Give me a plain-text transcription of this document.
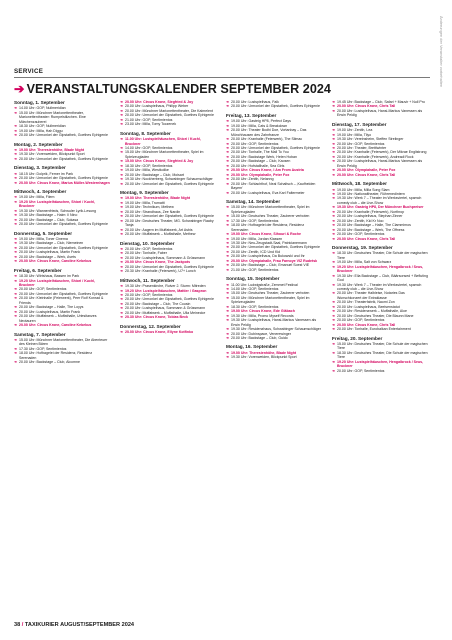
SERVICE
➔ VERANSTALTUNGSKALENDER SEPTEMBER 2024
Sonntag, 1. September
➔ 14.00 Uhr: GOP, Nullmeridian
➔ 15.00 Uhr: Münchner Marionettentheater, Marionettentheater: Rumpelstilzchen. Eine Märchenzauberei
➔ 18.30 Uhr: GOP, Nullmeridian
➔ 19.00 Uhr: Milla, Hah Diggu
➔ 20.00 Uhr: Urmonkel der Gipstathek, Goethes Ephigenie
Montag, 2. September
➔ 19.00 Uhr: Theresienhöhe, Blade Night
➔ 19.30 Uhr: Vorenweiden, Blickpunkt Sport
➔ 20.00 Uhr: Urmonkel der Gipstathek, Goethes Ephigenie
Dienstag, 3. September
➔ 18.15 Uhr: Dolprik, Ferner im Park
➔ 20.00 Uhr: Urmonkel der Gipstathek, Goethes Ephigenie
➔ 20.00 Uhr: Circus Krone, Marius Müller-Westernhagen
Mittwoch, 4. September
➔ 19.00 Uhr: Milla, Fiiem
➔ 19.20 Uhr: Lustspielhäuschen, Shiori / Kuchl, Bruckner
➔ 19.30 Uhr: Wannenfrieds, Schwuler Lyrik-Lesung
➔ 19.30 Uhr: Backstage – Halm: Il Nino
➔ 20.00 Uhr: Backstage – Club, Sokasa
➔ 20.00 Uhr: Urmonkel der Gipstathek, Goethes Ephigenie
Donnerstag, 5. September
➔ 19.00 Uhr: Milla, Toner Cinema
➔ 19.30 Uhr: Backstage – Club, Niemeinen
➔ 20.00 Uhr: Urmonkel der Gipstathek, Goethes Ephigenie
➔ 20.00 Uhr: Lustspielhaus, Martin Frank
➔ 20.00 Uhr: Backstage – Werk, Avets
➔ 20.00 Uhr: Circus Krone, Caroline Kebekus
Freitag, 6. September
➔ 18.30 Uhr: Wirtshaus, Bassen im Park
➔ 19.20 Uhr: Lustspielhäuschen, Shiori / Kuchl, Bruckner
➔ 20.00 Uhr: GOP, Sentimientos
➔ 20.00 Uhr: Urmonkel der Gipstathek, Goethes Ephigenie
➔ 20.00 Uhr: Kleinhalle (Feierwerk), Peer Rolf Konrad & Friends
➔ 20.00 Uhr: Backstage – Halle, The Loyys
➔ 20.00 Uhr: Lustspielhaus, Martin Frank
➔ 20.00 Uhr: Muffatwerk – Muffathalle, Urlesitanzes Neotauren
➔ 20.00 Uhr: Circus Krone, Caroline Kebekus
Samstag, 7. September
➔ 15.00 Uhr: Münchner Marionettentheater, Die Abenteuer des Kleinen Bären
➔ 17.30 Uhr: GOP, Sentimientos
➔ 18.00 Uhr: Hofbagelei der Residenz, Residenz Serenaden
➔ 20.00 Uhr: Backstage – Club, Alcomne
➔ 20.00 Uhr: Circus Krone, Siegfried & Joy
➔ 20.00 Uhr: Lustspielhaus, Philipp Weber
➔ 20.00 Uhr: Münchner Marionettentheater, Die Kalmelent
➔ 20.00 Uhr: Urmonkel der Gipstathek, Goethes Ephigenie
➔ 21.00 Uhr: GOP, Sentimientos
➔ 23.00 Uhr: Milla, Tomy Toczenek
Sonntag, 8. September
➔ 11.00 Uhr: Lustspielhäuschen, Shiori / Kuchl, Bruckner
➔ 14.00 Uhr: GOP, Sentimientos
➔ 15.00 Uhr: Münchner Marionettentheater, Spiel im Spielzeugladen
➔ 15.00 Uhr: Circus Krone, Siegfried & Joy
➔ 18.30 Uhr: GOP, Sentimientos
➔ 19.00 Uhr: Milla, Westkolike
➔ 20.00 Uhr: Backstage – Club, Moisart
➔ 19.30 Uhr: Nockherberg, Schwabinger Schaumschläger
➔ 20.00 Uhr: Urmonkel der Gipstathek, Goethes Ephigenie
Montag, 9. September
➔ 19.00 Uhr: Theresienhöhe, Blade Night
➔ 19.00 Uhr: Milla, Trumatti
➔ 19.00 Uhr: Technikum, Methew
➔ 20.00 Uhr: Strandhaus, Zee Nardin
➔ 20.00 Uhr: Urmonkel der Gipstathek, Goethes Ephigenie
➔ 20.00 Uhr: Deutsches Theater, MG. Schwabinger Raaby Tanja
➔ 20.00 Uhr: Aagern im Muffatwerk, Art Asbis
➔ 20.00 Uhr: Muffatwerk – Muffathalle, Methew
Dienstag, 10. September
➔ 20.00 Uhr: GOP, Sentimientos
➔ 20.00 Uhr: Tonhalle, Faber
➔ 20.00 Uhr: Lustspielhaus, Sommann & Grüssmann
➔ 20.00 Uhr: Circus Krone, The Jackpots
➔ 20.00 Uhr: Urmonkel der Gipstathek, Goethes Ephigenie
➔ 20.30 Uhr: Kranhalle (Feierwerk), U7+ Lunch
Mittwoch, 11. September
➔ 19.30 Uhr: Prasenkirche, Ruiver 2. Sturm: Mitreden
➔ 19.20 Uhr: Lustspielhäuschen, Mattier / Gaspron
➔ 20.00 Uhr: GOP, Sentimientos
➔ 20.00 Uhr: Urmonkel der Gipstathek, Goethes Ephigenie
➔ 20.00 Uhr: Backstage – Club, The Cousin
➔ 20.00 Uhr: Lustspielhaus, Sommann & Grüssmann
➔ 20.00 Uhr: Muffatwerk – Muffathalle, Ulla Meinecke
➔ 20.30 Uhr: Circus Krone, Tobias Beck
Donnerstag, 12. September
➔ 20.00 Uhr: Circus Krone, Ellyne Kotfinko
➔ 20.00 Uhr: Lustspielhaus, Falk
➔ 20.00 Uhr: Urmonkel der Gipstathek, Goethes Ephigenie
Freitag, 13. September
➔ 19.00 Uhr: Gasteig HP8, Perfect Days
➔ 19.00 Uhr: Milla, Cats & Breakdown
➔ 20.00 Uhr: Theater Bodhi Doe, Vortanbay – Das Münchhausen des Zahnfranze
➔ 20.00 Uhr: Kranhalle (Feierwerk), The Silmac
➔ 20.00 Uhr: GOP, Sentimientos
➔ 20.00 Uhr: Urmonkel der Gipstathek, Goethes Ephigenie
➔ 20.00 Uhr: Tonhalle, The Mall To You
➔ 20.00 Uhr: Backstage Werk, Helen Hoban
➔ 20.00 Uhr: Backstage – Club, Kaosen
➔ 20.00 Uhr: Hofstallhalle, Sea Girls
➔ 20.00 Uhr: Circus Krone, I Am From Austria
➔ 20.00 Uhr: Olympiahalle, Peter Fox
➔ 20.00 Uhr: Zenith, Nelanng
➔ 20.00 Uhr: Schlachthof, Neal Schaltsch – ‚Kaufhelden Bayern'
➔ 20.00 Uhr: Lustspielhaus, Eva Karl Faltermeier
Samstag, 14. September
➔ 15.00 Uhr: Münchner Marionettentheater, Spiel im Spielzeugladen
➔ 15.00 Uhr: Deutsches Theater, Zauberer verboten
➔ 17.30 Uhr: GOP, Sentimientos
➔ 18.00 Uhr: Hofbagelei der Residenz, Residenz Serenaden
➔ 19.00 Uhr: Circus Krone, Sihouri & Roche
➔ 19.00 Uhr: Milla, Jordan Klassen
➔ 19.30 Uhr: Neu-Zeugstadt-Saal, Patricianemann
➔ 20.00 Uhr: Urmonkel der Gipstathek, Goethes Ephigenie
➔ 20.00 Uhr: Zenith, ICD Und Kid
➔ 20.00 Uhr: Lustspielhaus, Da Bukowski und Ihr
➔ 20.00 Uhr: Olympiahalle, Frau Farnoye VIZ Rudetsk
➔ 20.00 Uhr: Backstage – Club, Emanuel Soest VIE
➔ 21.00 Uhr: GOP, Sentimientos
Sonntag, 15. September
➔ 11.00 Uhr: Ludwigstraße, Zemmet Festival
➔ 14.00 Uhr: GOP, Sentimientos
➔ 15.00 Uhr: Deutsches Theater, Zauberer verboten
➔ 15.00 Uhr: Münchner Marionettentheater, Spiel im Spielzeugladen
➔ 18.30 Uhr: GOP, Sentimientos
➔ 19.00 Uhr: Circus Krone, Ede Gläbach
➔ 19.30 Uhr: Milla, Promo Myself Records
➔ 19.30 Uhr: Lustspielhaus, Hansi-Markus Vanessen als Erwin Peldig
➔ 19.30 Uhr: Residenzhaus, Schwabinger Schaumschläger
➔ 20.00 Uhr: Dubinspace, Venerewinger
➔ 20.00 Uhr: Backstage – Club, Guido
Montag, 16. September
➔ 19.00 Uhr: Theresienhöhe, Blade Night
➔ 19.30 Uhr: Vorenweiden, Blickpunkt Sport
➔ 19.45 Uhr: Backstage – Club, Safari + Mauvir + Null Pro
➔ 20.00 Uhr: Circus Krone, Chris Tall
➔ 20.00 Uhr: Lustspielhaus, Hansi-Markus Vanessen als Erwin Peldig
Dienstag, 17. September
➔ 19.00 Uhr: Zenith, Lea
➔ 19.00 Uhr: Milla, Tilyo
➔ 19.30 Uhr: Vereinsheim, Steffen Strelinger
➔ 20.00 Uhr: GOP, Sentimientos
➔ 20.00 Uhr: Theater, Brettlwinter
➔ 20.00 Uhr: Kranhalle (Feierwerk), Der Mikrae Englistrong
➔ 20.00 Uhr: Kranhalle (Feierwerk), Andreadi Rock
➔ 20.00 Uhr: Lustspielhaus, Hansi-Markus Vanessen als Erwin Peldig
➔ 20.00 Uhr: Olympiahalle, Peter Fox
➔ 20.00 Uhr: Circus Krone, Chris Tall
Mittwoch, 18. September
➔ 19.00 Uhr: Milla, Milla Song Slam
➔ 19.00 Uhr: Nationaltheater, Rührenedintern
➔ 19.30 Uhr: Werk 7 – Theater im Werksviertel, spamch comedy club – die Live-Show
➔ 19.30 Uhr: Gasteig HP8, Der Münchner Buchpreiser
➔ 20.00 Uhr: Kranhalle (Feierwerk), Northrop
➔ 20.00 Uhr: Lustspielhaus, Stephan Zinner
➔ 20.00 Uhr: Zenith, Kid Kr Noo
➔ 20.00 Uhr: Backstage – Halle, The Clammimos
➔ 20.00 Uhr: Backstage – Werk, The Offness
➔ 20.00 Uhr: GOP, Sentimientos
➔ 20.00 Uhr: Circus Krone, Chris Tall
Donnerstag, 19. September
➔ 18.30 Uhr: Deutsches Theater, Die Schule der magischen Tiere
➔ 19.00 Uhr: Milla, Salt von Schwarz
➔ 19.20 Uhr: Lustspielhäuschen, Hengalbrock / Seus, Bruckner
➔ 19.30 Uhr: Ella Backstage – Club, Bäärsonsed + Befluting God
➔ 19.30 Uhr: Werk 7 – Theater im Werksviertel, spamch comedy club – die Live-Show
➔ 20.00 Uhr: Theater Halbleise, Notaries Das Wunschkonzert der Extraklasse
➔ 20.00 Uhr: Theaterfabrik, Naomi Zon
➔ 20.00 Uhr: Lustspielhaus, Beelsenstatut
➔ 20.00 Uhr: Residenzwerk – Muffathalle, Aloe
➔ 20.00 Uhr: Deutsches Theater, Die Blaunn Mane
➔ 20.00 Uhr: GOP, Sentimientos
➔ 20.00 Uhr: Circus Krone, Chris Tall
➔ 20.00 Uhr: Tonhalle, Eurobalkan Entertainment
Freitag, 20. September
➔ 15.00 Uhr: Deutsches Theater, Die Schule der magischen Tiere
➔ 18.30 Uhr: Deutsches Theater, Die Schule der magischen Tiere
➔ 19.20 Uhr: Lustspielhäuschen, Hengalbrock / Seus, Bruckner
➔ 20.00 Uhr: GOP, Sentimientos
Änderungen der Veranstalter vorbehalten
38 / TAXIKURIER AUGUST/SEPTEMBER 2024
